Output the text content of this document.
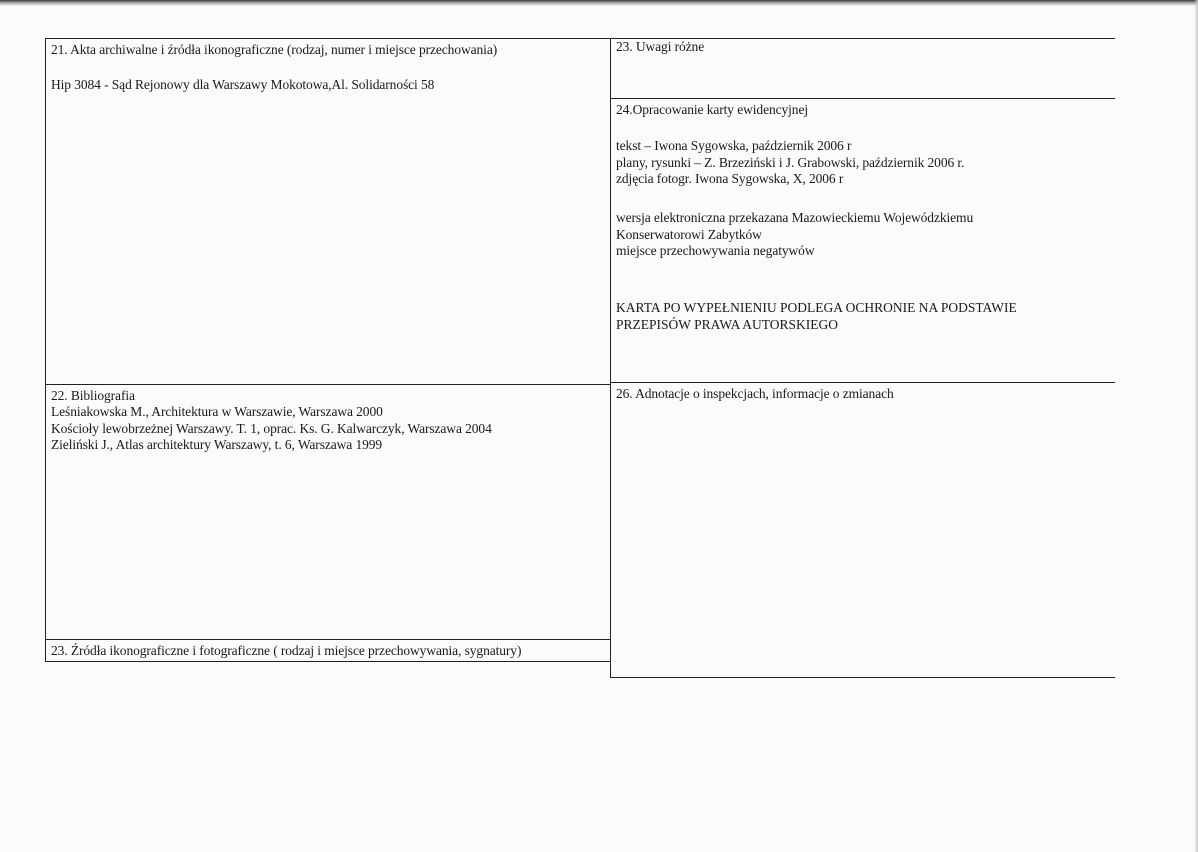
21. Akta archiwalne i źródła ikonograficzne (rodzaj, numer i miejsce przechowania)
Hip 3084 - Sąd Rejonowy dla Warszawy Mokotowa,Al. Solidarności 58
22. Bibliografia
Leśniakowska M., Architektura w Warszawie, Warszawa 2000
Kościoły lewobrzeżnej Warszawy. T. 1, oprac. Ks. G. Kalwarczyk, Warszawa 2004
Zieliński J., Atlas architektury Warszawy, t. 6, Warszawa 1999
23. Źródła ikonograficzne i fotograficzne ( rodzaj i miejsce przechowywania, sygnatury)
23. Uwagi różne
24.Opracowanie karty ewidencyjnej
tekst – Iwona Sygowska, październik 2006 r
plany, rysunki – Z. Brzeziński i J. Grabowski, październik 2006 r.
zdjęcia fotogr. Iwona Sygowska, X, 2006 r
wersja elektroniczna przekazana Mazowieckiemu Wojewódzkiemu
Konserwatorowi Zabytków
miejsce przechowywania negatywów
KARTA PO WYPEŁNIENIU PODLEGA OCHRONIE NA PODSTAWIE
PRZEPISÓW PRAWA AUTORSKIEGO
26. Adnotacje o inspekcjach, informacje o zmianach
